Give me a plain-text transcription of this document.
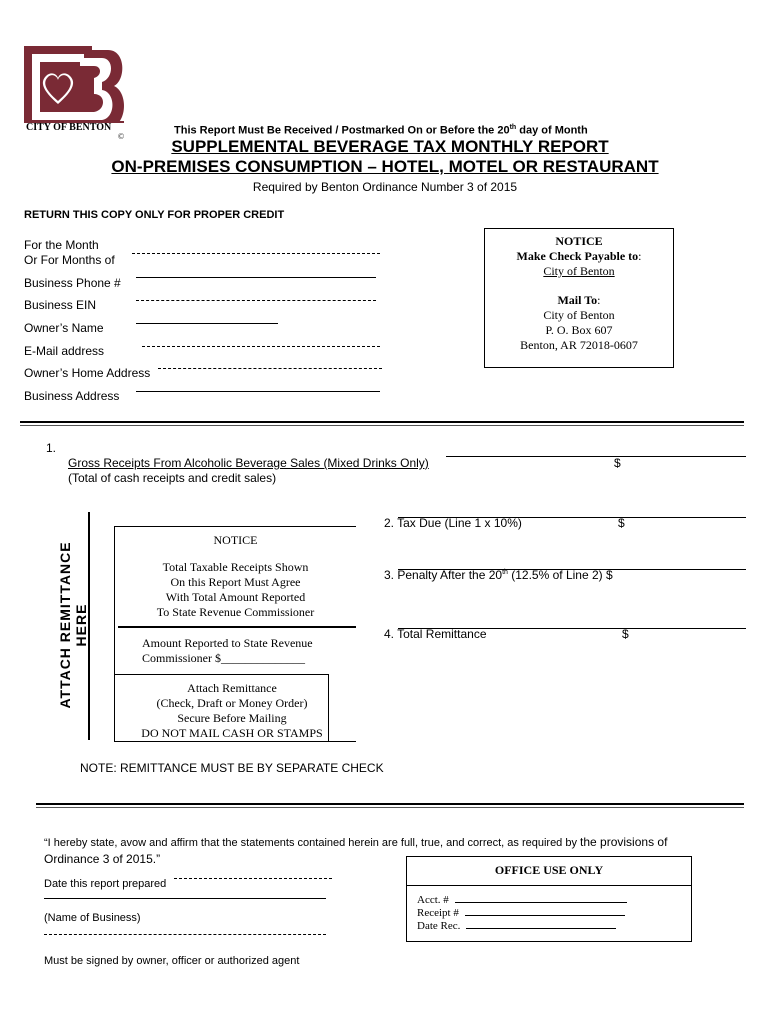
CITY OF BENTON
©	This Report Must Be Received / Postmarked On or Before the 20th day of Month
SUPPLEMENTAL BEVERAGE TAX MONTHLY REPORT
ON-PREMISES CONSUMPTION – HOTEL, MOTEL OR RESTAURANT
Required by Benton Ordinance Number 3 of 2015
RETURN THIS COPY ONLY FOR PROPER CREDIT
For the Month
Or For Months of
Business Phone #
Business EIN
Owner’s Name
E-Mail address
Owner’s Home Address
Business Address
NOTICE
Make Check Payable to:
City of Benton
Mail To:
City of Benton
P. O. Box 607
Benton, AR 72018-0607
1.
Gross Receipts From Alcoholic Beverage Sales (Mixed Drinks Only)	$
(Total of cash receipts and credit sales)
ATTACH REMITTANCE HERE
NOTICE
Total Taxable Receipts Shown
On this Report Must Agree
With Total Amount Reported
To State Revenue Commissioner
Amount Reported to State Revenue
Commissioner $______________
Attach Remittance
(Check, Draft or Money Order)
Secure Before Mailing
DO NOT MAIL CASH OR STAMPS
2. Tax Due (Line 1 x 10%)	$
3. Penalty After the 20th (12.5% of Line 2) $
4. Total Remittance	$
NOTE: REMITTANCE MUST BE BY SEPARATE CHECK
“I hereby state, avow and affirm that the statements contained herein are full, true, and correct, as required by the provisions of
Ordinance 3 of 2015.”
Date this report prepared
(Name of Business)
Must be signed by owner, officer or authorized agent
OFFICE USE ONLY
Acct. #
Receipt #
Date Rec.
